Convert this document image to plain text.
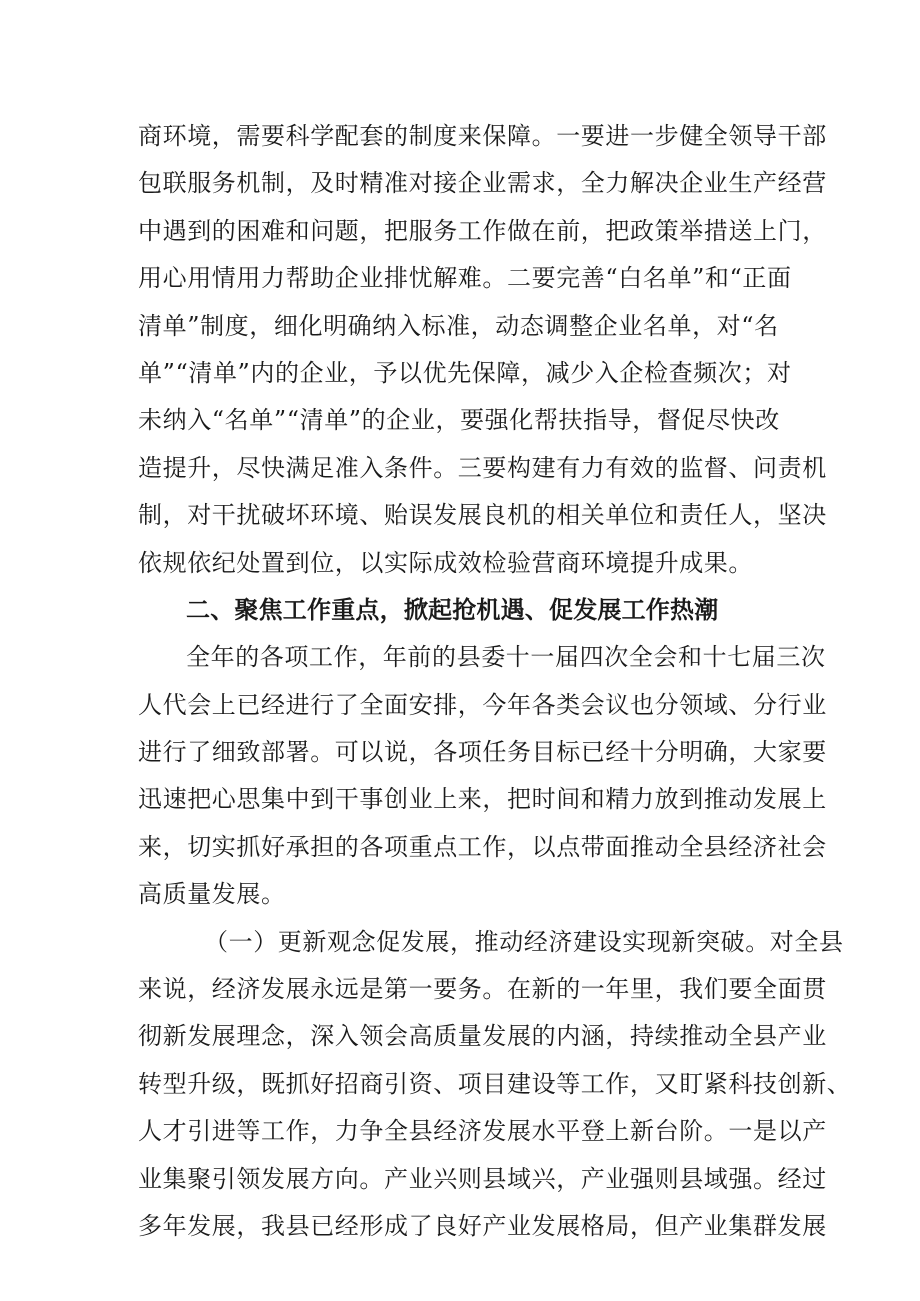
商环境，需要科学配套的制度来保障。一要进一步健全领导干部
包联服务机制，及时精准对接企业需求，全力解决企业生产经营
中遇到的困难和问题，把服务工作做在前，把政策举措送上门，
用心用情用力帮助企业排忧解难。二要完善“白名单”和“正面
清单”制度，细化明确纳入标准，动态调整企业名单，对“名
单”“清单”内的企业，予以优先保障，减少入企检查频次；对
未纳入“名单”“清单”的企业，要强化帮扶指导，督促尽快改
造提升，尽快满足准入条件。三要构建有力有效的监督、问责机
制，对干扰破坏环境、贻误发展良机的相关单位和责任人，坚决
依规依纪处置到位，以实际成效检验营商环境提升成果。
二、聚焦工作重点，掀起抢机遇、促发展工作热潮
全年的各项工作，年前的县委十一届四次全会和十七届三次
人代会上已经进行了全面安排，今年各类会议也分领域、分行业
进行了细致部署。可以说，各项任务目标已经十分明确，大家要
迅速把心思集中到干事创业上来，把时间和精力放到推动发展上
来，切实抓好承担的各项重点工作，以点带面推动全县经济社会
高质量发展。
（一）更新观念促发展，推动经济建设实现新突破。对全县
来说，经济发展永远是第一要务。在新的一年里，我们要全面贯
彻新发展理念，深入领会高质量发展的内涵，持续推动全县产业
转型升级，既抓好招商引资、项目建设等工作，又盯紧科技创新、
人才引进等工作，力争全县经济发展水平登上新台阶。一是以产
业集聚引领发展方向。产业兴则县域兴，产业强则县域强。经过
多年发展，我县已经形成了良好产业发展格局，但产业集群发展
